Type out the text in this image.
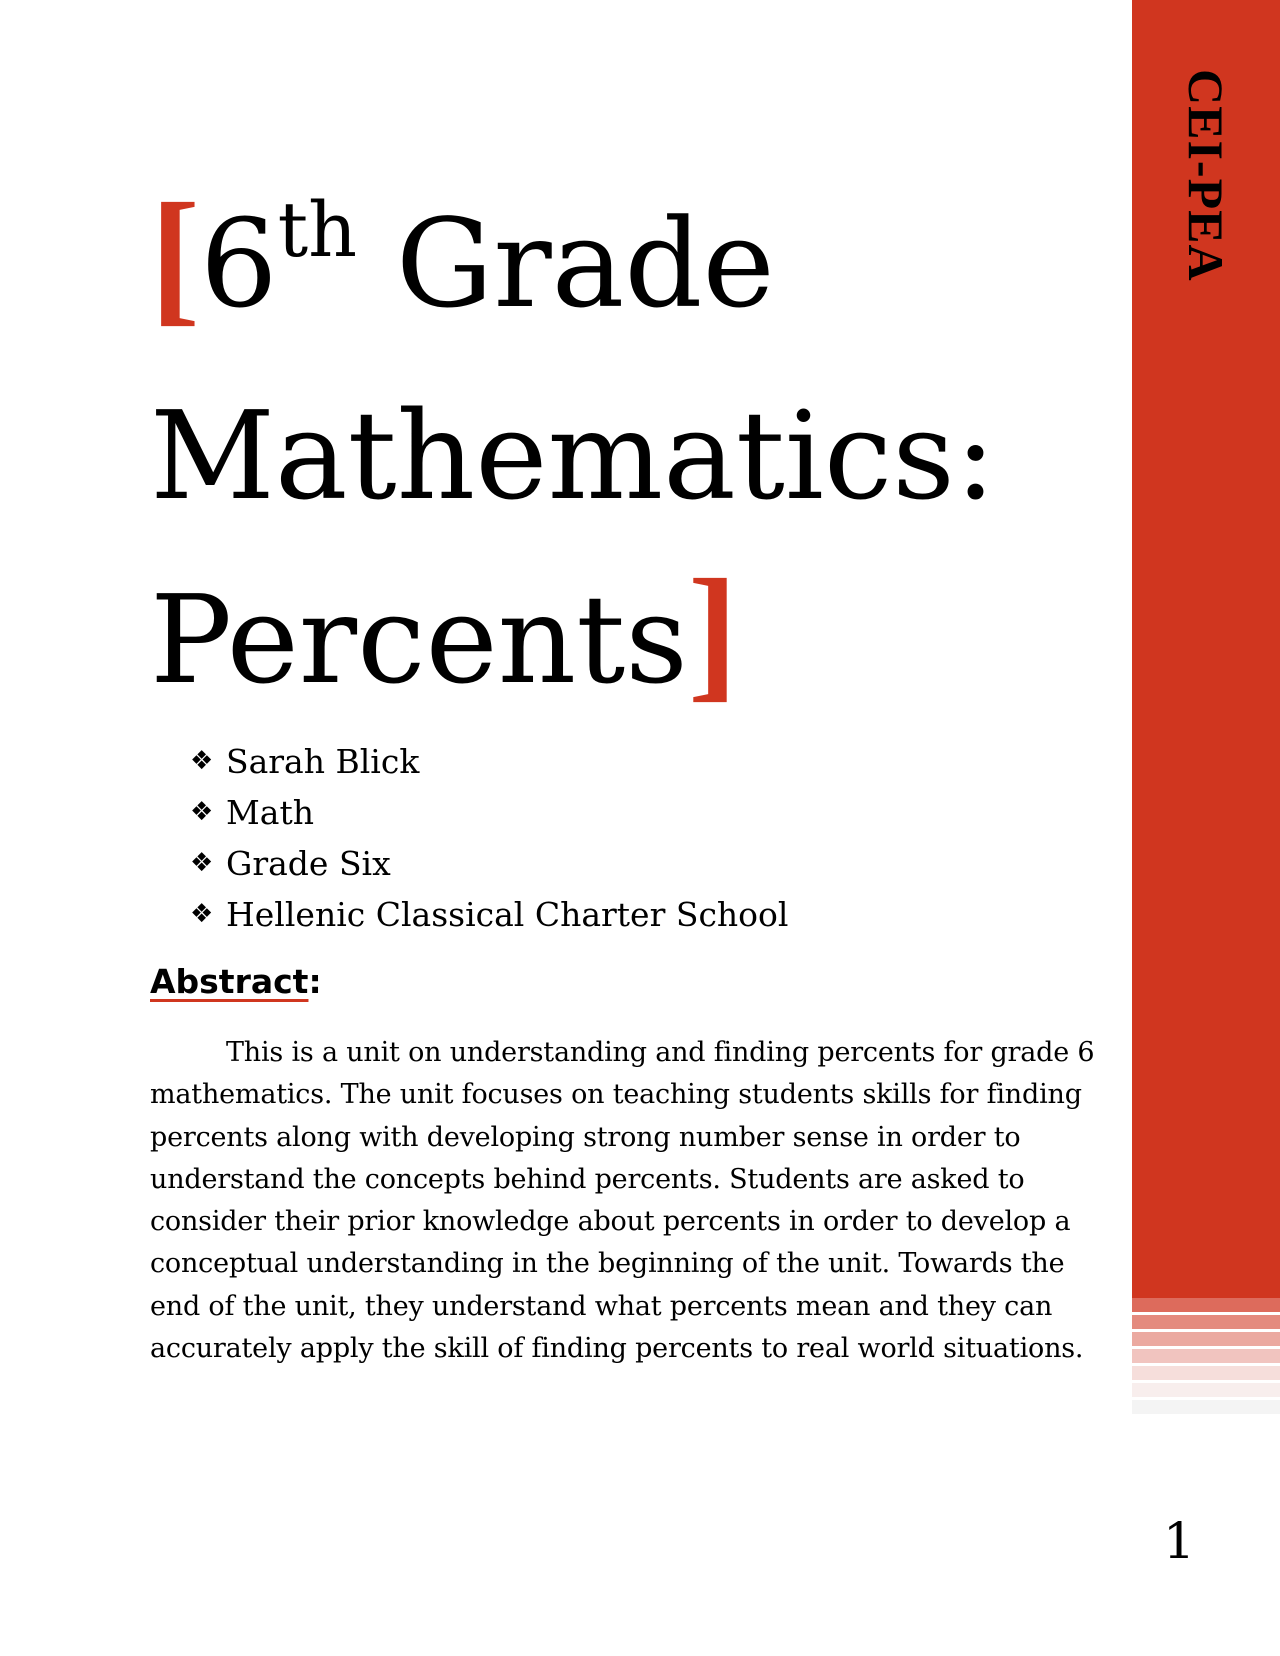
CEI-PEA
[6th Grade
Mathematics:
Percents]
❖ Sarah Blick
❖ Math
❖ Grade Six
❖ Hellenic Classical Charter School
Abstract:

This is a unit on understanding and finding percents for grade 6 mathematics. The unit focuses on teaching students skills for finding percents along with developing strong number sense in order to understand the concepts behind percents. Students are asked to consider their prior knowledge about percents in order to develop a conceptual understanding in the beginning of the unit. Towards the end of the unit, they understand what percents mean and they can accurately apply the skill of finding percents to real world situations.

1
